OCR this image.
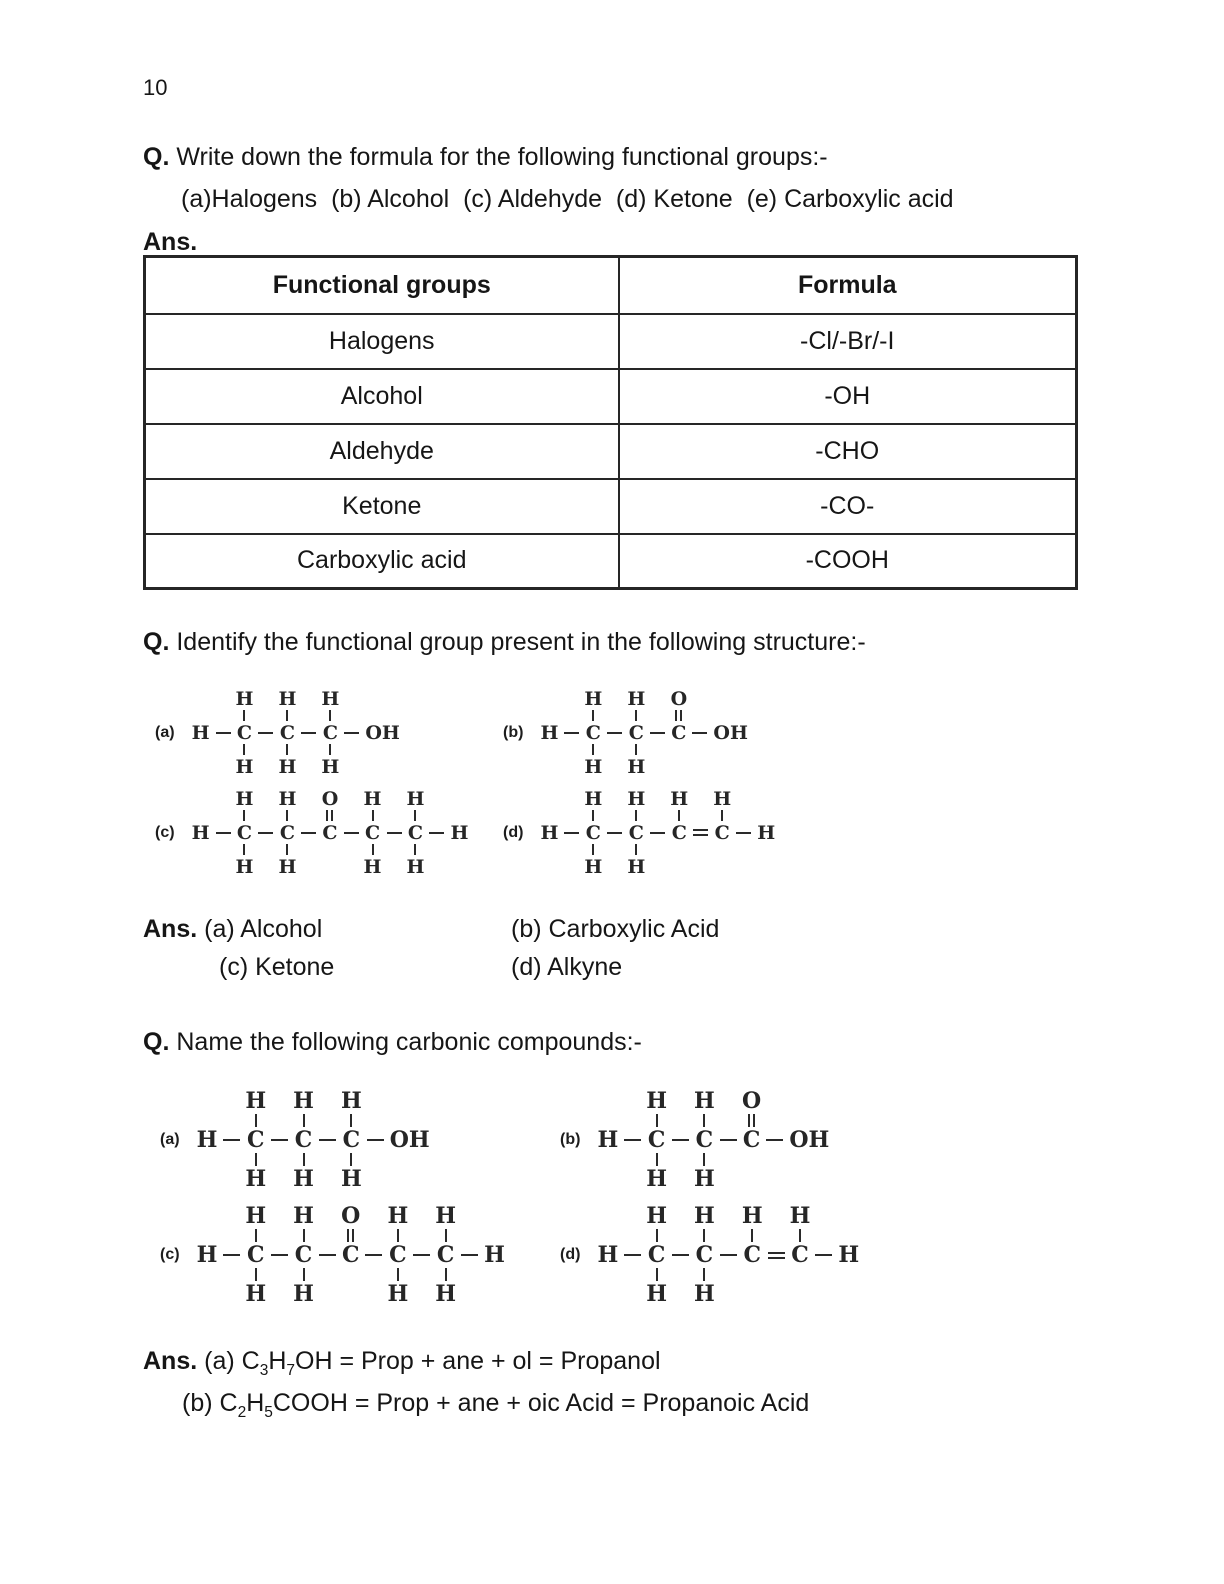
10
Q. Write down the formula for the following functional groups:-
(a)Halogens  (b) Alcohol  (c) Aldehyde  (d) Ketone  (e) Carboxylic acid
Ans.
Functional groups	Formula
Halogens	-Cl/-Br/-I
Alcohol	-OH
Aldehyde	-CHO
Ketone	-CO-
Carboxylic acid	-COOH
Q. Identify the functional group present in the following structure:-
(a) H
H
C
H
H
C
H
H
C
H
OH	(b) H
H
C
H
H
C
H
O
C OH
(c) H
H
C
H
H
C
H
O
C
H
C
H
H
C
H
H (d) H
H
C
H
H
C
H
H
C
H
C H
Ans. (a) Alcohol	(b) Carboxylic Acid
(c) Ketone	(d) Alkyne
Q. Name the following carbonic compounds:-
(a) H
H
C
H
H
C
H
H
C
H
OH	(b) H
H
C
H
H
C
H
O
C OH
(c) H
H
C
H
H
C
H
O
C
H
C
H
H
C
H
H	(d) H
H
C
H
H
C
H
H
C
H
C H
Ans. (a) $C_3H_7OH$ = Prop + ane + ol = Propanol
(b) $C_2H_5COOH$ = Prop + ane + oic Acid = Propanoic Acid
